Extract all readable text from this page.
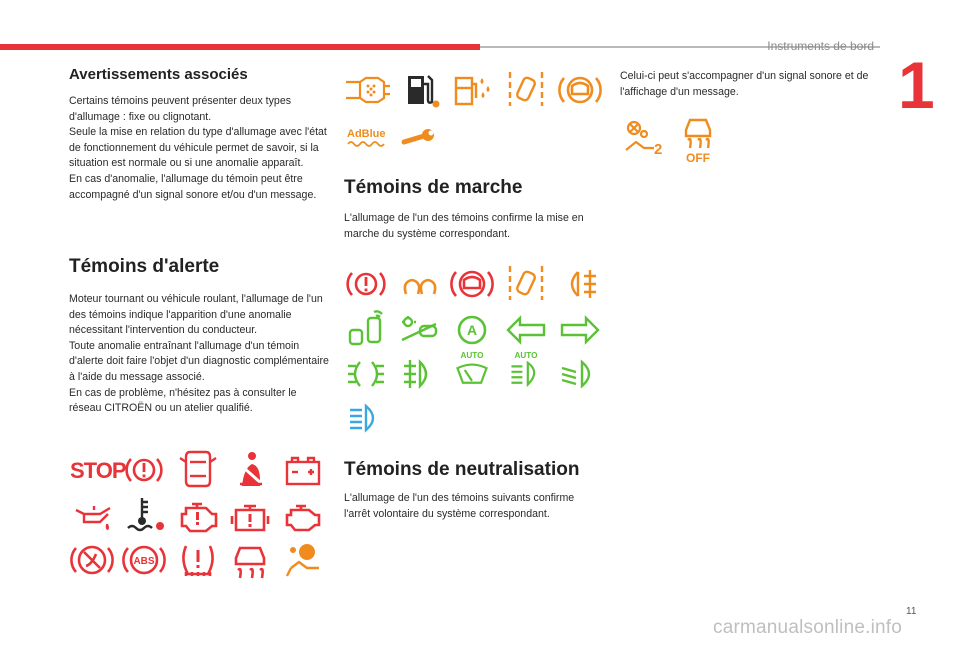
Instruments de bord
1
Avertissements associés
Certains témoins peuvent présenter deux types d'allumage : fixe ou clignotant.
Seule la mise en relation du type d'allumage avec l'état de fonctionnement du véhicule permet de savoir, si la situation est normale ou si une anomalie apparaît.
En cas d'anomalie, l'allumage du témoin peut être accompagné d'un signal sonore et/ou d'un message.
Témoins d'alerte
Moteur tournant ou véhicule roulant, l'allumage de l'un des témoins indique l'apparition d'une anomalie nécessitant l'intervention du conducteur.
Toute anomalie entraînant l'allumage d'un témoin d'alerte doit faire l'objet d'un diagnostic complémentaire à l'aide du message associé.
En cas de problème, n'hésitez pas à consulter le réseau CITROËN ou un atelier qualifié.
STOP
ABS
AdBlue
Témoins de marche
L'allumage de l'un des témoins confirme la mise en marche du système correspondant.
A
AUTO	AUTO
Témoins de neutralisation
L'allumage de l'un des témoins suivants confirme l'arrêt volontaire du système correspondant.
Celui-ci peut s'accompagner d'un signal sonore et de l'affichage d'un message.
2 OFF
11
carmanualsonline.info
